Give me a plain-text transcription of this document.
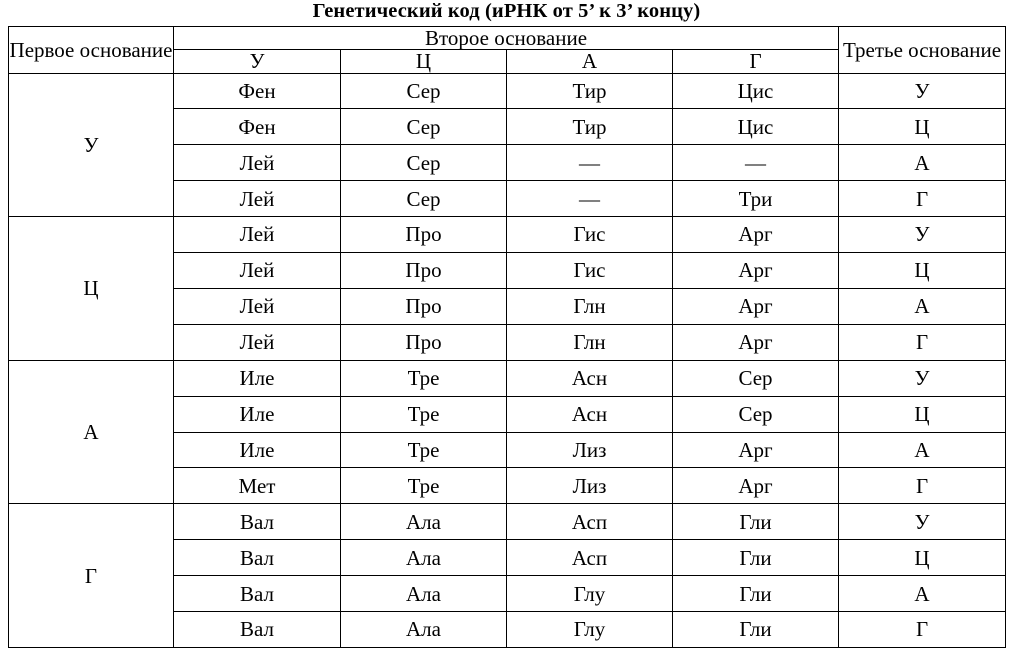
Генетический код (иРНК от 5’ к 3’ концу)
Первое основание	Второе основание				Третье основание
	У	Ц	А	Г	
У	Фен	Сер	Тир	Цис	У
	Фен	Сер	Тир	Цис	Ц
	Лей	Сер	—	—	А
	Лей	Сер	—	Три	Г
Ц	Лей	Про	Гис	Арг	У
	Лей	Про	Гис	Арг	Ц
	Лей	Про	Глн	Арг	А
	Лей	Про	Глн	Арг	Г
А	Иле	Тре	Асн	Сер	У
	Иле	Тре	Асн	Сер	Ц
	Иле	Тре	Лиз	Арг	А
	Мет	Тре	Лиз	Арг	Г
Г	Вал	Ала	Асп	Гли	У
	Вал	Ала	Асп	Гли	Ц
	Вал	Ала	Глу	Гли	А
	Вал	Ала	Глу	Гли	Г
